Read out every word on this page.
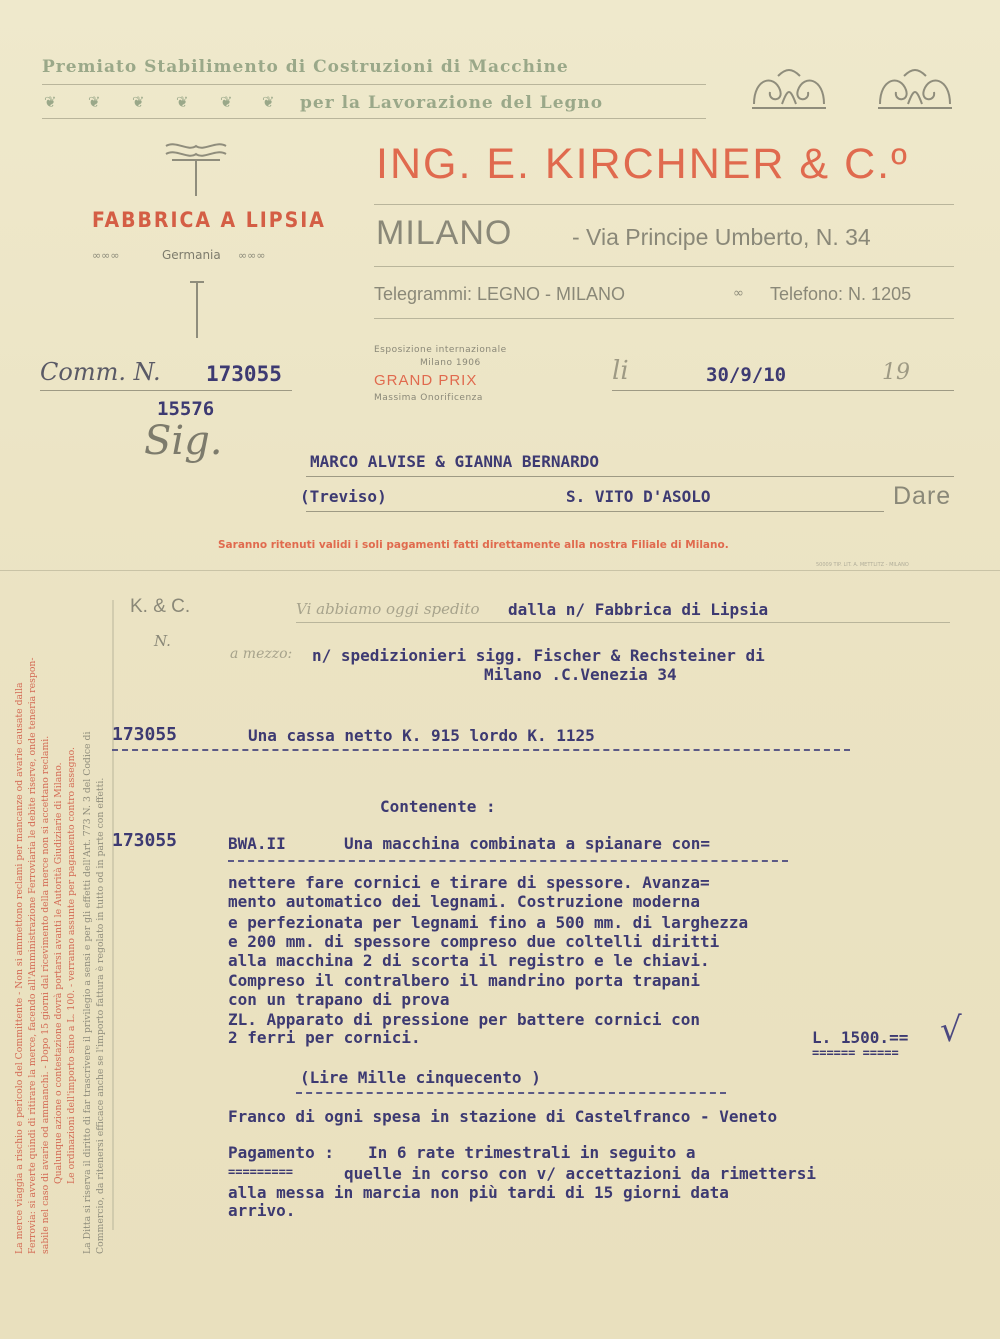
Premiato Stabilimento di Costruzioni di Macchine
❦ ❦ ❦ ❦ ❦ ❦ per la Lavorazione del Legno
FABBRICA A LIPSIA
∞∞∞	Germania ∞∞∞
ING. E. KIRCHNER & C.º
MILANO	- Via Principe Umberto, N. 34
Telegrammi: LEGNO - MILANO	∞ Telefono: N. 1205
Comm. N. 173055
15576
Sig.
Esposizione internazionale
Milano 1906
GRAND PRIX
Massima Onorificenza
li	30/9/10	19
MARCO ALVISE & GIANNA BERNARDO
(Treviso)	S. VITO D'ASOLO	Dare
Saranno ritenuti validi i soli pagamenti fatti direttamente alla nostra Filiale di Milano.
50009 TIP. LIT. A. METTLITZ - MILANO
La merce viaggia a rischio e pericolo del Committente - Non si ammettono reclami per mancanze od avarie causate dalla Ferrovia: si avverte quindi di ritirare la merce, facendo all'Amministrazione Ferroviaria le debite riserve, onde teneria respon- sabile nel caso di avarie od ammanchi. - Dopo 15 giorni dal ricevimento della merce non si accettano reclami. Qualunque azione o contestazione dovrà portarsi avanti le Autorità Giudiziarie di Milano. Le ordinazioni dell'importo sino a L. 100. - verranno assunte per pagamento contro assegno. La Ditta si riserva il diritto di far trascrivere il privilegio a sensi e per gli effetti dell'Art. 773 N. 3 del Codice di Commercio, da ritenersi efficace anche se l'importo fattura è regolato in tutto od in parte con effetti.
K. & C.
N.
Vi abbiamo oggi spedito dalla n/ Fabbrica di Lipsia
a mezzo: n/ spedizionieri sigg. Fischer & Rechsteiner di
Milano .C.Venezia 34
173055	Una cassa netto K. 915 lordo K. 1125
Contenente :
173055	BWA.II	Una macchina combinata a spianare con=
nettere fare cornici e tirare di spessore. Avanza=
mento automatico dei legnami. Costruzione moderna
e perfezionata per legnami fino a 500 mm. di larghezza
e 200 mm. di spessore compreso due coltelli diritti
alla macchina 2 di scorta il registro e le chiavi.
Compreso il contralbero il mandrino porta trapani
con un trapano di prova
ZL. Apparato di pressione per battere cornici con
2 ferri per cornici.	L. 1500.==
====== =====
√
(Lire Mille cinquecento )
Franco di ogni spesa in stazione di Castelfranco - Veneto
Pagamento : In 6 rate trimestrali in seguito a
=========	quelle in corso con v/ accettazioni da rimettersi
alla messa in marcia non più tardi di 15 giorni data
arrivo.
